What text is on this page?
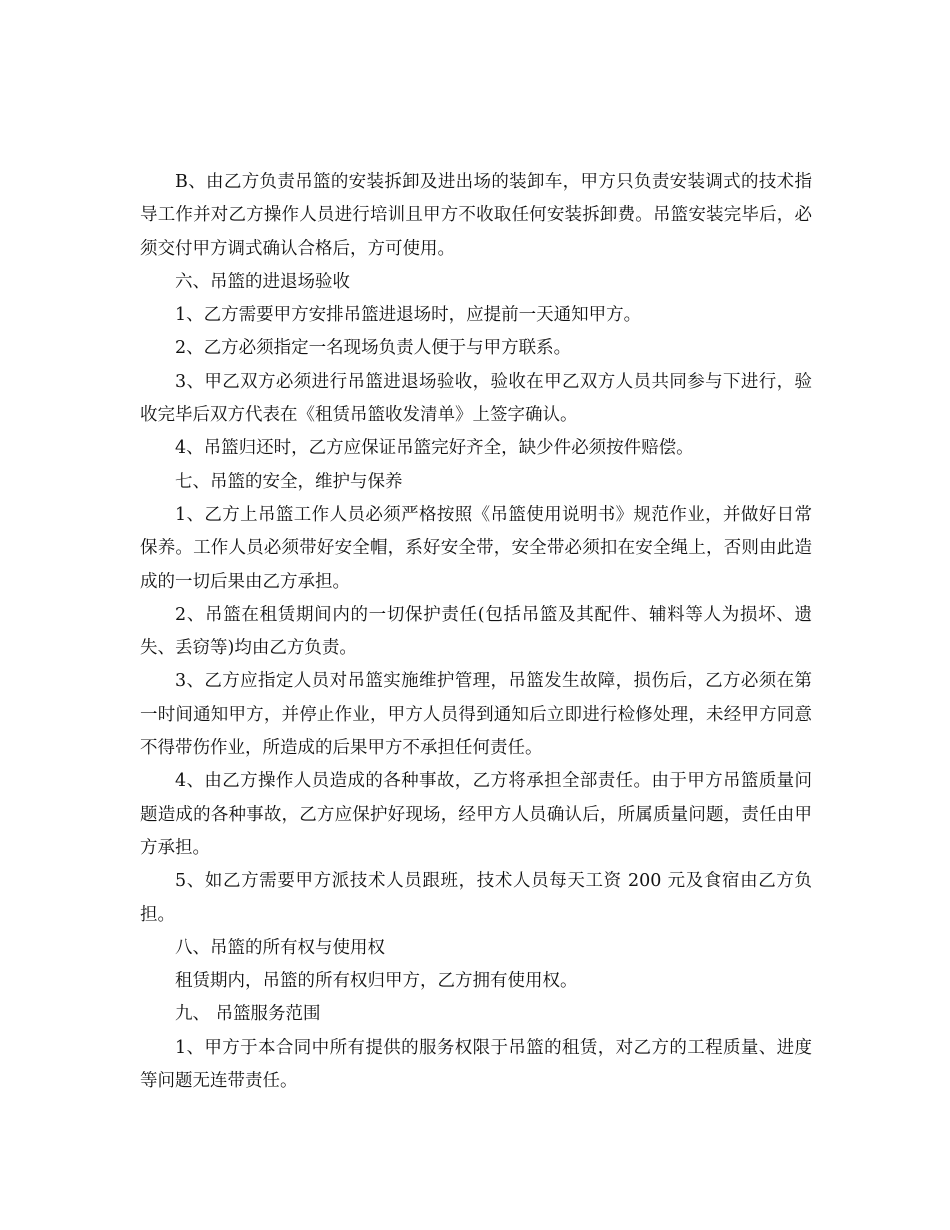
B、由乙方负责吊篮的安装拆卸及进出场的装卸车，甲方只负责安装调式的技术指导工作并对乙方操作人员进行培训且甲方不收取任何安装拆卸费。吊篮安装完毕后，必须交付甲方调式确认合格后，方可使用。

六、吊篮的进退场验收

1、乙方需要甲方安排吊篮进退场时，应提前一天通知甲方。

2、乙方必须指定一名现场负责人便于与甲方联系。

3、甲乙双方必须进行吊篮进退场验收，验收在甲乙双方人员共同参与下进行，验收完毕后双方代表在《租赁吊篮收发清单》上签字确认。

4、吊篮归还时，乙方应保证吊篮完好齐全，缺少件必须按件赔偿。

七、吊篮的安全，维护与保养

1、乙方上吊篮工作人员必须严格按照《吊篮使用说明书》规范作业，并做好日常保养。工作人员必须带好安全帽，系好安全带，安全带必须扣在安全绳上，否则由此造成的一切后果由乙方承担。

2、吊篮在租赁期间内的一切保护责任(包括吊篮及其配件、辅料等人为损坏、遗失、丢窃等)均由乙方负责。

3、乙方应指定人员对吊篮实施维护管理，吊篮发生故障，损伤后，乙方必须在第一时间通知甲方，并停止作业，甲方人员得到通知后立即进行检修处理，未经甲方同意不得带伤作业，所造成的后果甲方不承担任何责任。

4、由乙方操作人员造成的各种事故，乙方将承担全部责任。由于甲方吊篮质量问题造成的各种事故，乙方应保护好现场，经甲方人员确认后，所属质量问题，责任由甲方承担。

5、如乙方需要甲方派技术人员跟班，技术人员每天工资 200 元及食宿由乙方负担。

八、吊篮的所有权与使用权

租赁期内，吊篮的所有权归甲方，乙方拥有使用权。

九、 吊篮服务范围

1、甲方于本合同中所有提供的服务权限于吊篮的租赁，对乙方的工程质量、进度等问题无连带责任。
